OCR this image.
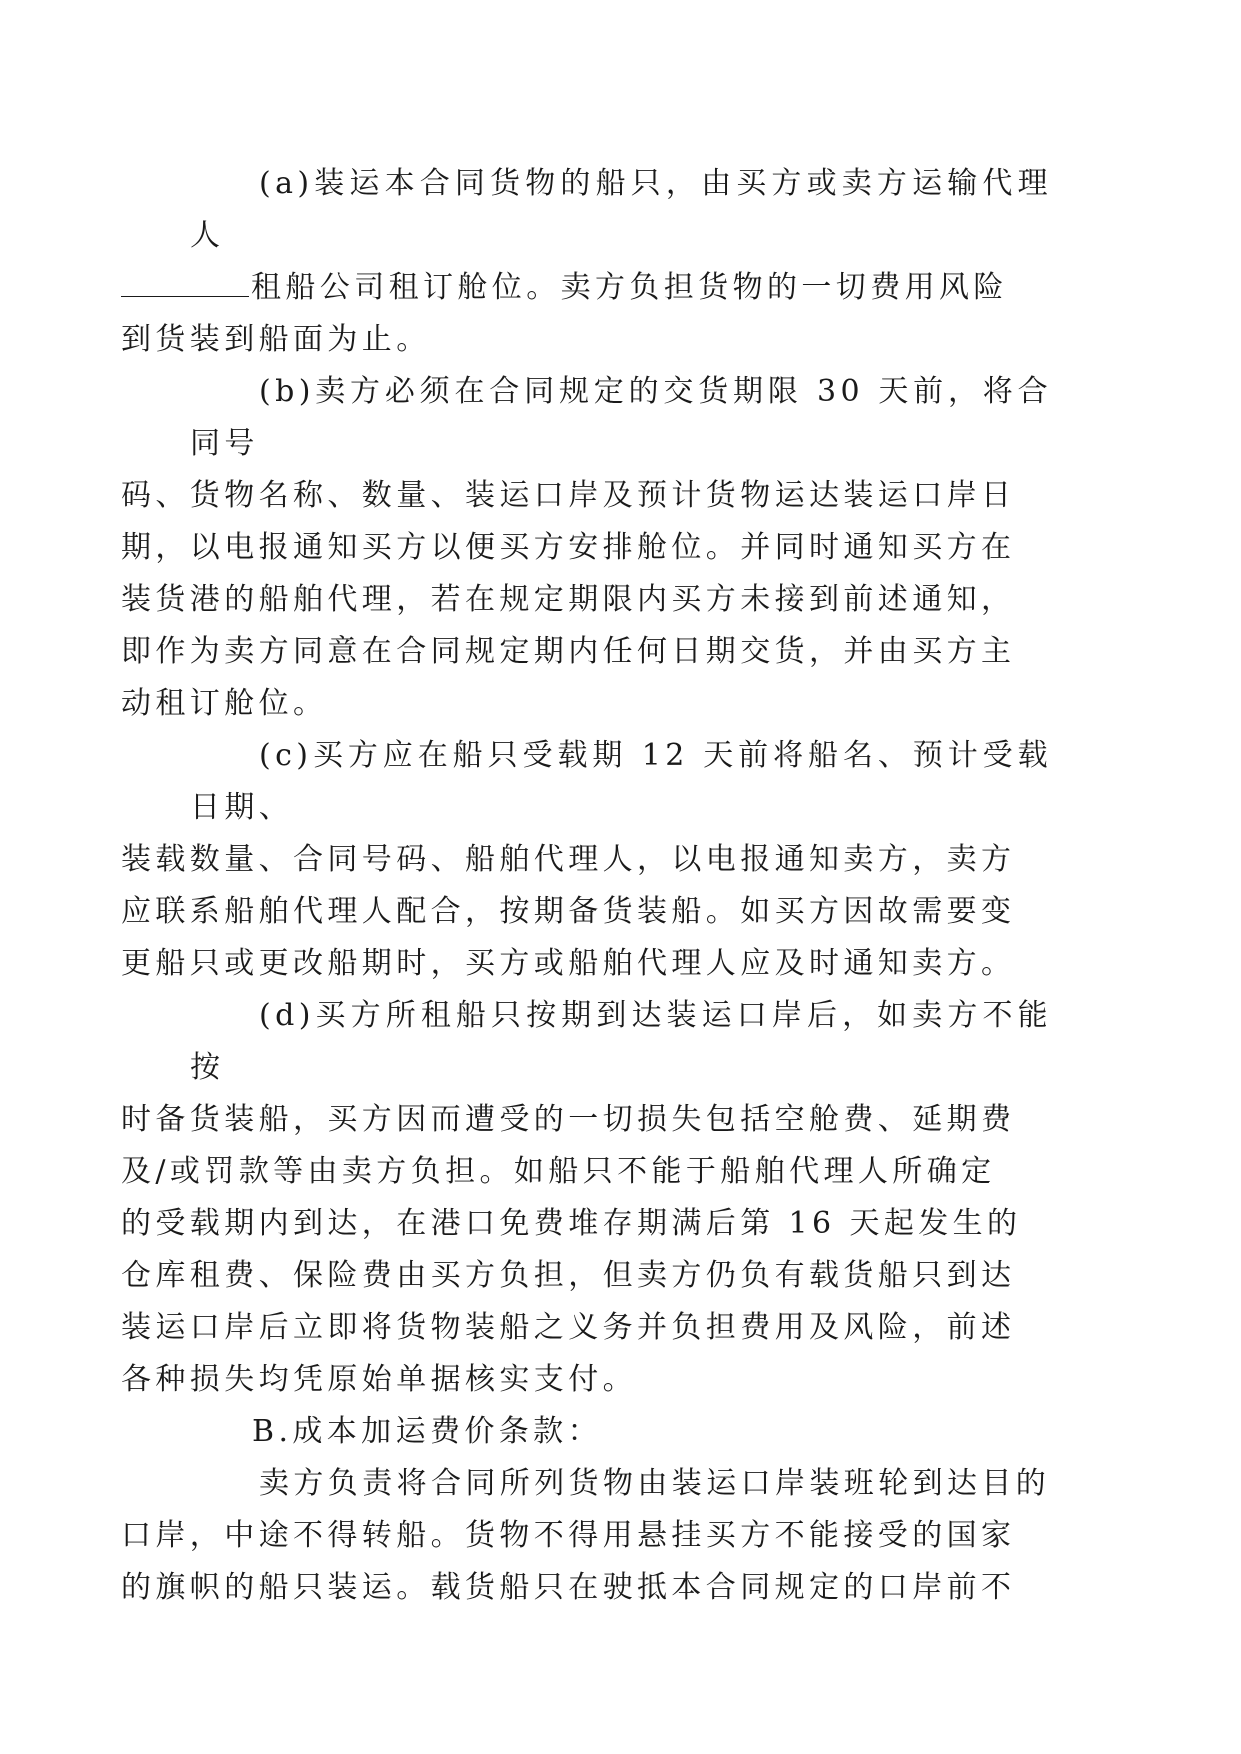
(a)装运本合同货物的船只，由买方或卖方运输代理人
租船公司租订舱位。卖方负担货物的一切费用风险
到货装到船面为止。

(b)卖方必须在合同规定的交货期限 30 天前，将合同号
码、货物名称、数量、装运口岸及预计货物运达装运口岸日
期，以电报通知买方以便买方安排舱位。并同时通知买方在
装货港的船舶代理，若在规定期限内买方未接到前述通知，
即作为卖方同意在合同规定期内任何日期交货，并由买方主
动租订舱位。

(c)买方应在船只受载期 12 天前将船名、预计受载日期、
装载数量、合同号码、船舶代理人，以电报通知卖方，卖方
应联系船舶代理人配合，按期备货装船。如买方因故需要变
更船只或更改船期时，买方或船舶代理人应及时通知卖方。

(d)买方所租船只按期到达装运口岸后，如卖方不能按
时备货装船，买方因而遭受的一切损失包括空舱费、延期费
及/或罚款等由卖方负担。如船只不能于船舶代理人所确定
的受载期内到达，在港口免费堆存期满后第 16 天起发生的
仓库租费、保险费由买方负担，但卖方仍负有载货船只到达
装运口岸后立即将货物装船之义务并负担费用及风险，前述
各种损失均凭原始单据核实支付。

B.成本加运费价条款：

卖方负责将合同所列货物由装运口岸装班轮到达目的
口岸，中途不得转船。货物不得用悬挂买方不能接受的国家
的旗帜的船只装运。载货船只在驶抵本合同规定的口岸前不
